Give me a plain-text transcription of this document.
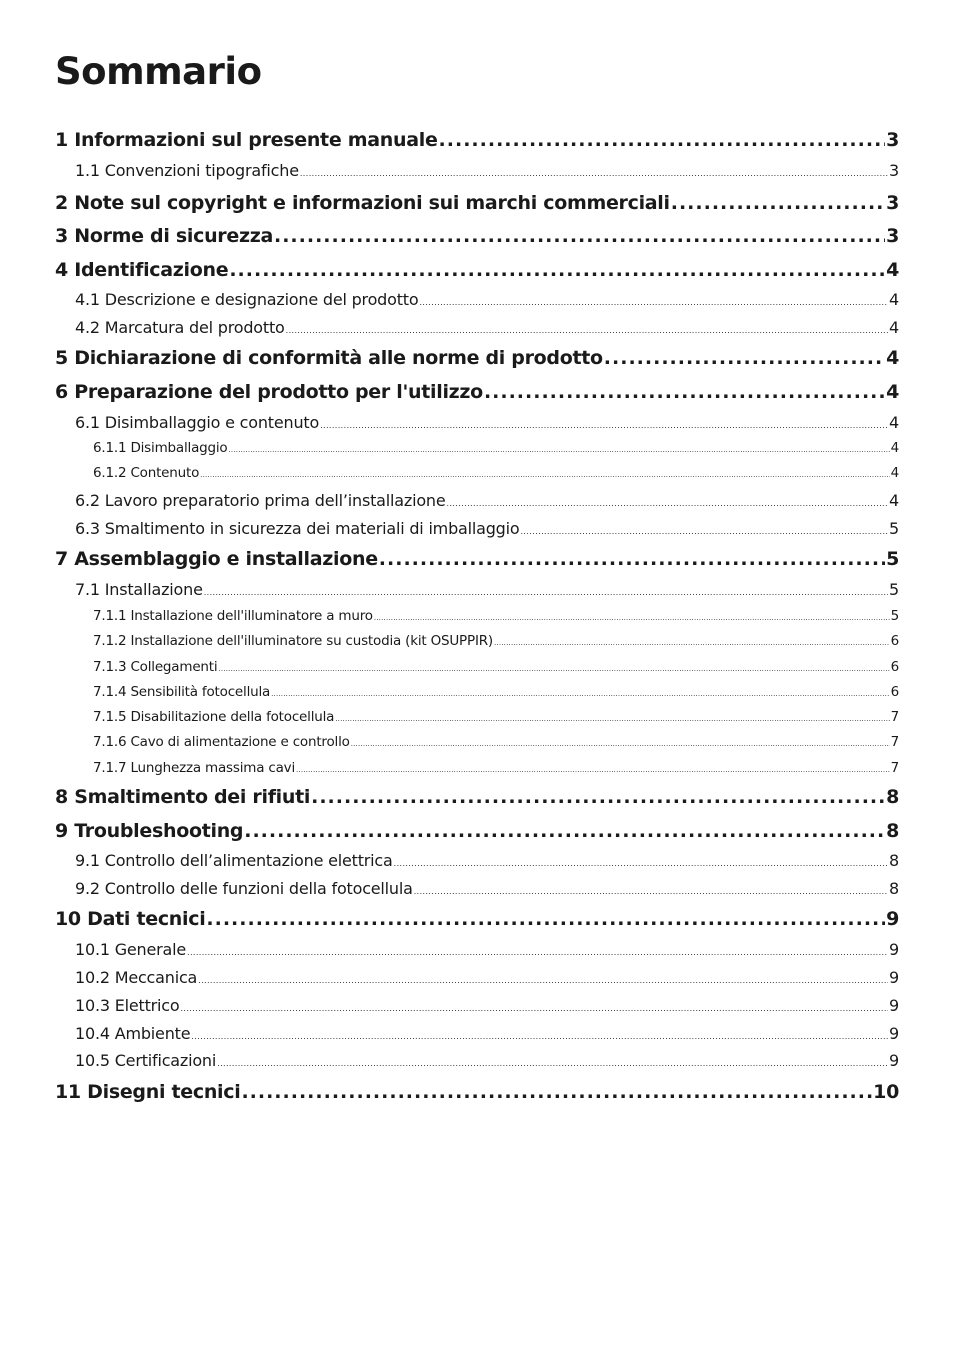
Sommario
1 Informazioni sul presente manuale .....	3
1.1 Convenzioni tipografiche .....	3
2 Note sul copyright e informazioni sui marchi commerciali .....	3
3 Norme di sicurezza .....	3
4 Identificazione .....	4
4.1 Descrizione e designazione del prodotto .....	4
4.2 Marcatura del prodotto .....	4
5 Dichiarazione di conformità alle norme di prodotto .....	4
6 Preparazione del prodotto per l'utilizzo .....	4
6.1 Disimballaggio e contenuto .....	4
6.1.1 Disimballaggio .....	4
6.1.2 Contenuto .....	4
6.2 Lavoro preparatorio prima dell’installazione .....	4
6.3 Smaltimento in sicurezza dei materiali di imballaggio .....	5
7 Assemblaggio e installazione .....	5
7.1 Installazione .....	5
7.1.1 Installazione dell'illuminatore a muro .....	5
7.1.2 Installazione dell'illuminatore su custodia (kit OSUPPIR) .....	6
7.1.3 Collegamenti .....	6
7.1.4 Sensibilità fotocellula .....	6
7.1.5 Disabilitazione della fotocellula .....	7
7.1.6 Cavo di alimentazione e controllo .....	7
7.1.7 Lunghezza massima cavi .....	7
8 Smaltimento dei rifiuti .....	8
9 Troubleshooting .....	8
9.1 Controllo dell’alimentazione elettrica .....	8
9.2 Controllo delle funzioni della fotocellula .....	8
10 Dati tecnici .....	9
10.1 Generale .....	9
10.2 Meccanica .....	9
10.3 Elettrico .....	9
10.4 Ambiente .....	9
10.5 Certificazioni .....	9
11 Disegni tecnici .....	10
